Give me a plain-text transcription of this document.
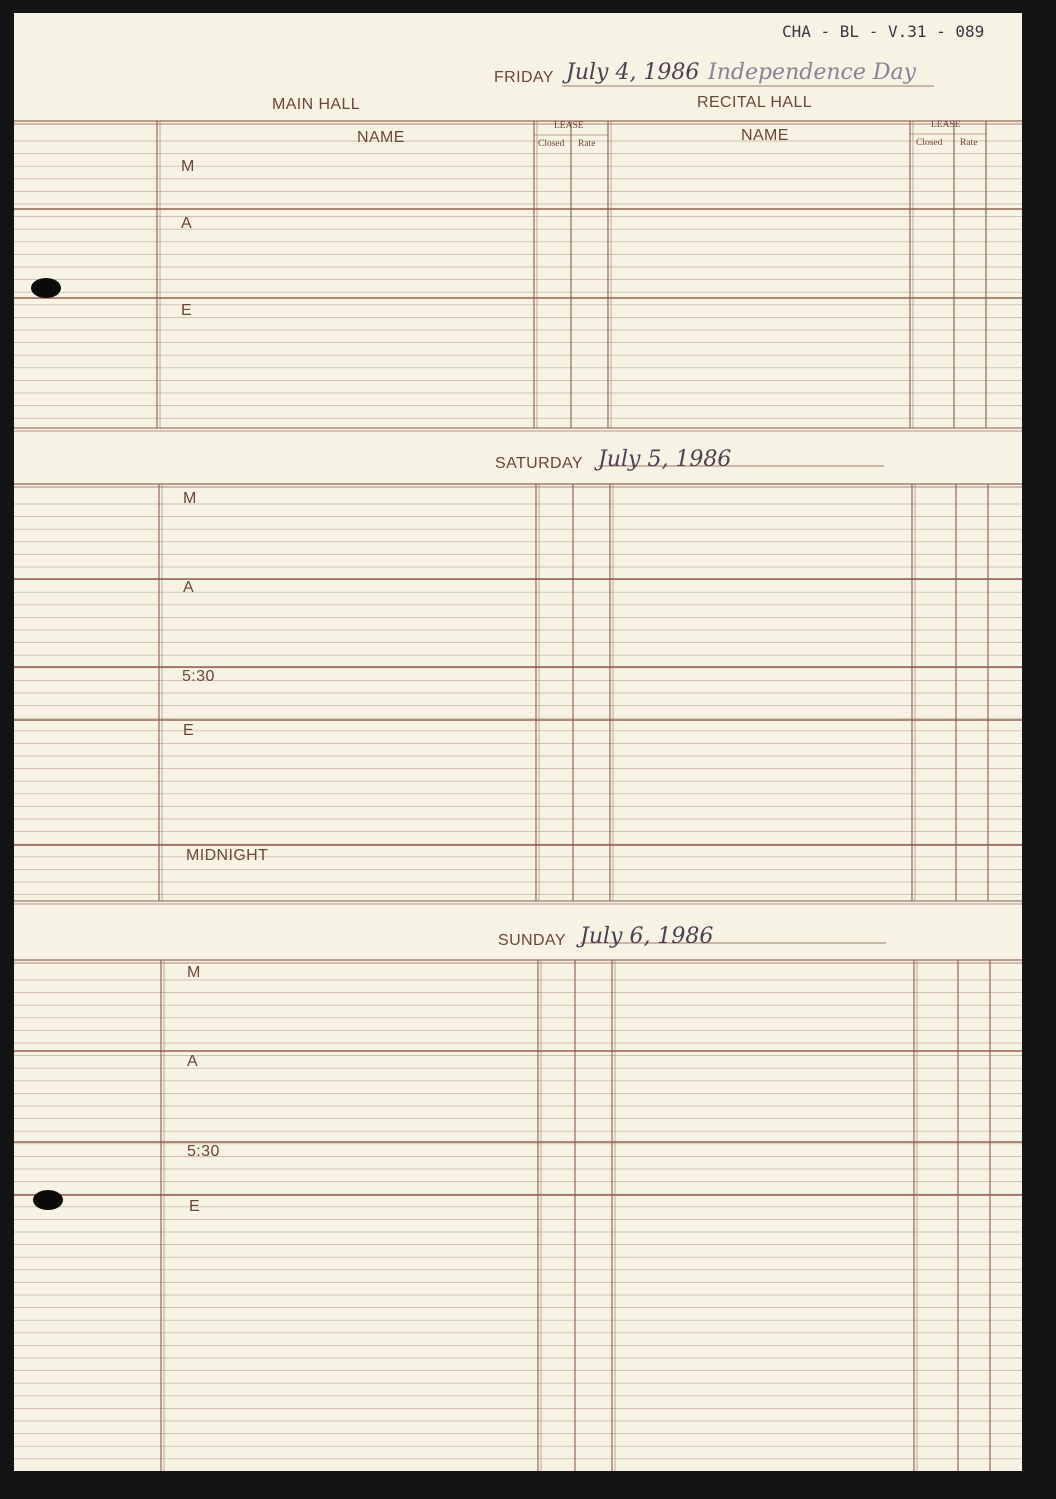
CHA - BL - V.31 - 089
FRIDAY July 4, 1986 Independence Day
MAIN HALL	RECITAL HALL
NAME	NAME
LEASE
Closed Rate
LEASE
Closed Rate
M
A
E
SATURDAY July 5, 1986
M
A
5:30
E
MIDNIGHT
SUNDAY July 6, 1986
M
A
5:30
E
